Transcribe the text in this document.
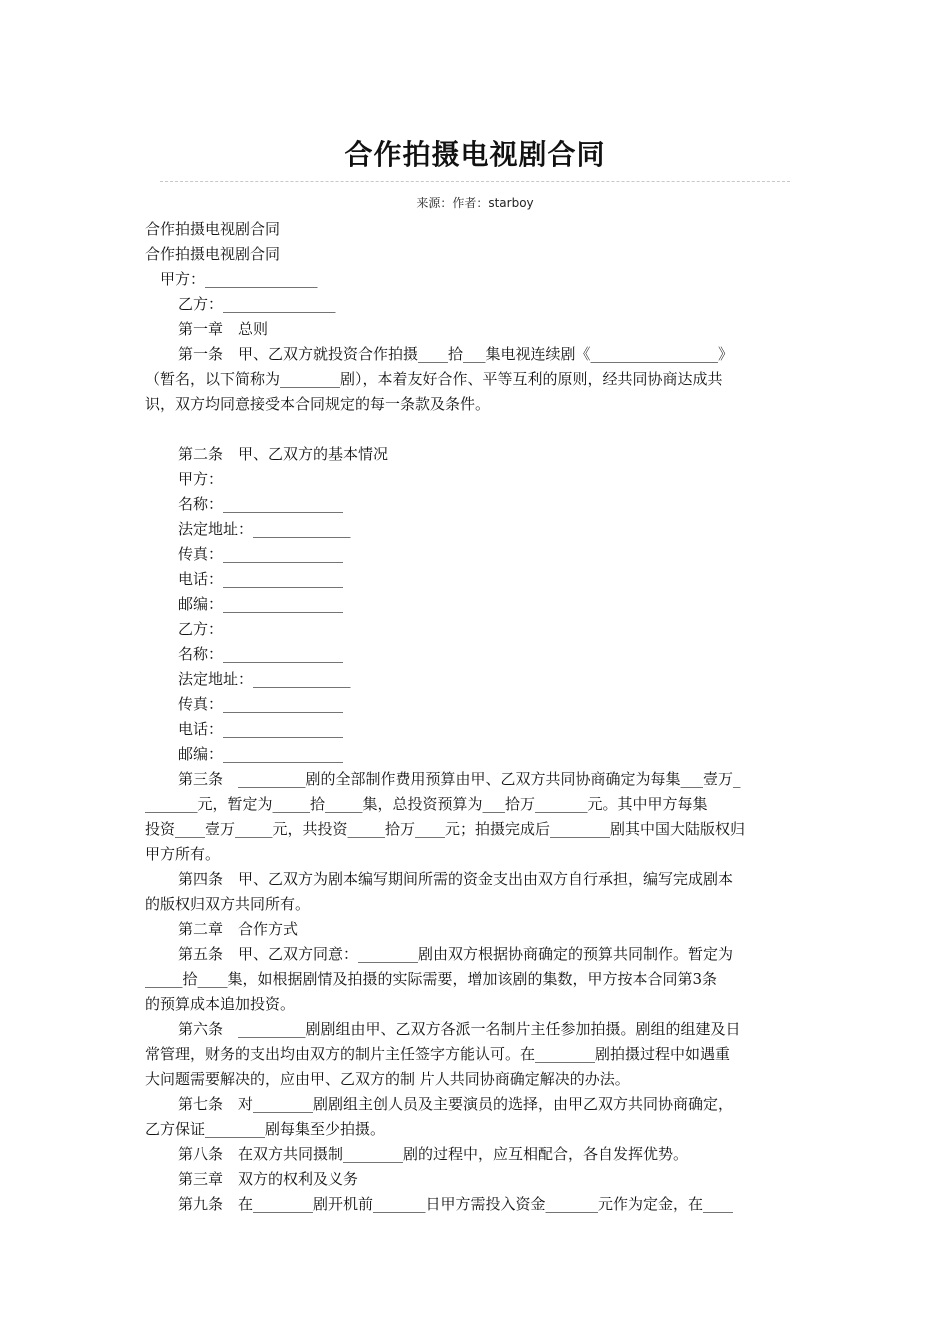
合作拍摄电视剧合同
来源：作者：starboy
合作拍摄电视剧合同
合作拍摄电视剧合同
甲方：_______________
乙方：_______________
第一章　总则
第一条　甲、乙双方就投资合作拍摄____拾___集电视连续剧《_________________》
（暂名，以下简称为________剧），本着友好合作、平等互利的原则，经共同协商达成共
识，双方均同意接受本合同规定的每一条款及条件。
第二条　甲、乙双方的基本情况
甲方：
名称：________________
法定地址：_____________
传真：________________
电话：________________
邮编：________________
乙方：
名称：________________
法定地址：_____________
传真：________________
电话：________________
邮编：________________
第三条　_________剧的全部制作费用预算由甲、乙双方共同协商确定为每集___壹万_
_______元，暂定为_____拾_____集，总投资预算为___拾万_______元。其中甲方每集
投资____壹万_____元，共投资_____拾万____元；拍摄完成后________剧其中国大陆版权归
甲方所有。
第四条　甲、乙双方为剧本编写期间所需的资金支出由双方自行承担，编写完成剧本
的版权归双方共同所有。
第二章　合作方式
第五条　甲、乙双方同意：________剧由双方根据协商确定的预算共同制作。暂定为
_____拾____集，如根据剧情及拍摄的实际需要，增加该剧的集数，甲方按本合同第3条
的预算成本追加投资。
第六条　_________剧剧组由甲、乙双方各派一名制片主任参加拍摄。剧组的组建及日
常管理，财务的支出均由双方的制片主任签字方能认可。在________剧拍摄过程中如遇重
大问题需要解决的，应由甲、乙双方的制 片人共同协商确定解决的办法。
第七条　对________剧剧组主创人员及主要演员的选择，由甲乙双方共同协商确定，
乙方保证________剧每集至少拍摄。
第八条　在双方共同摄制________剧的过程中，应互相配合，各自发挥优势。
第三章　双方的权利及义务
第九条　在________剧开机前_______日甲方需投入资金_______元作为定金，在____
